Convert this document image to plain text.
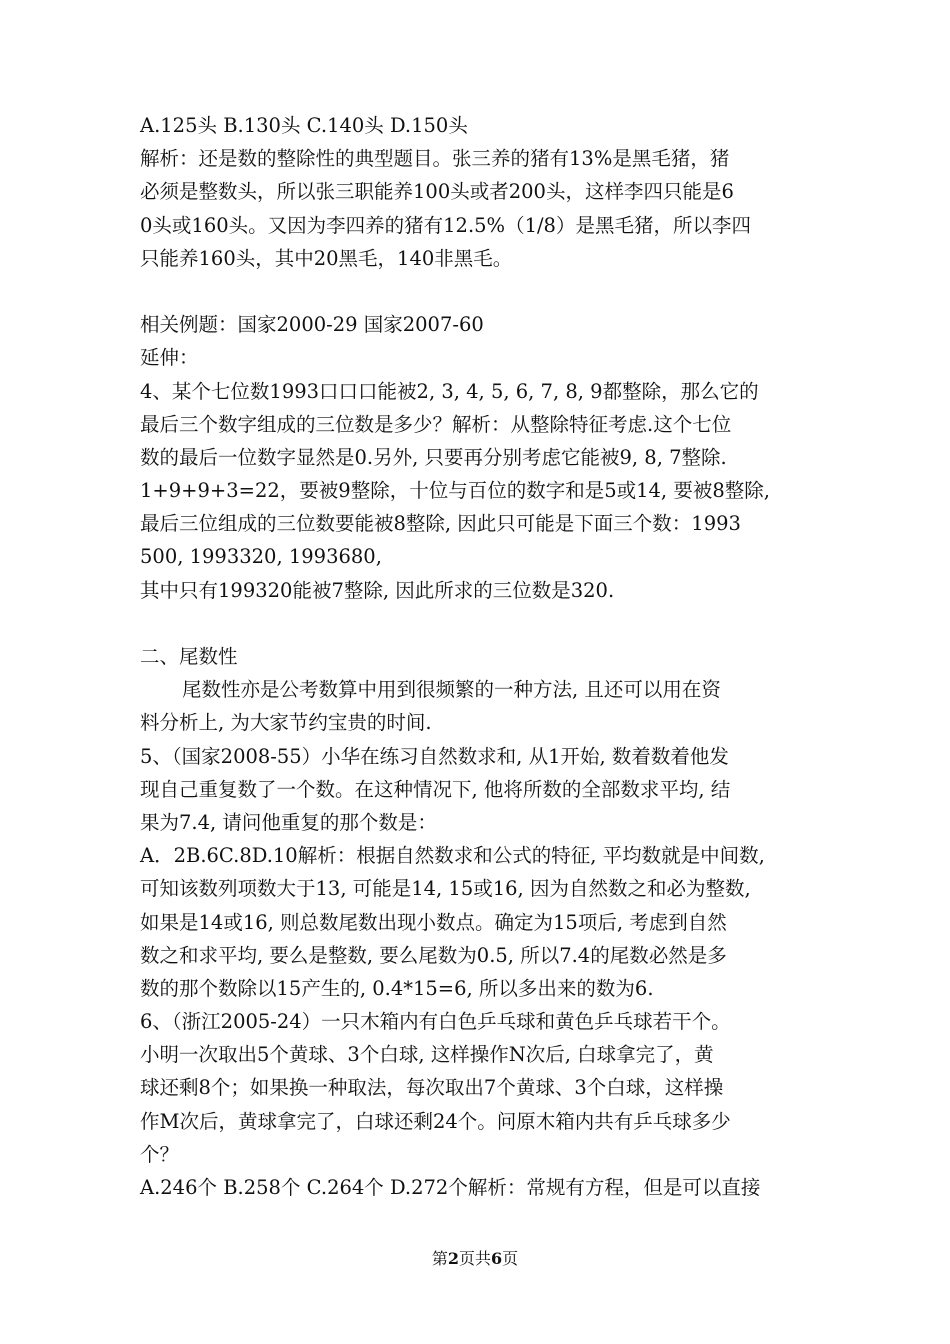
A.125头 B.130头 C.140头 D.150头
解析：还是数的整除性的典型题目。张三养的猪有13%是黑毛猪，猪
必须是整数头，所以张三职能养100头或者200头，这样李四只能是6
0头或160头。又因为李四养的猪有12.5%（1/8）是黑毛猪，所以李四
只能养160头，其中20黑毛，140非黑毛。
相关例题：国家2000-29 国家2007-60
延伸：
4、某个七位数1993口口口能被2, 3, 4, 5, 6, 7, 8, 9都整除，那么它的
最后三个数字组成的三位数是多少？解析：从整除特征考虑.这个七位
数的最后一位数字显然是0.另外, 只要再分别考虑它能被9, 8, 7整除.
1+9+9+3=22，要被9整除，十位与百位的数字和是5或14, 要被8整除,
最后三位组成的三位数要能被8整除, 因此只可能是下面三个数：1993
500, 1993320, 1993680,
其中只有199320能被7整除, 因此所求的三位数是320.
二、尾数性
尾数性亦是公考数算中用到很频繁的一种方法, 且还可以用在资
料分析上, 为大家节约宝贵的时间.
5、（国家2008-55）小华在练习自然数求和, 从1开始, 数着数着他发
现自己重复数了一个数。在这种情况下, 他将所数的全部数求平均, 结
果为7.4, 请问他重复的那个数是：
A．2B.6C.8D.10解析：根据自然数求和公式的特征, 平均数就是中间数,
可知该数列项数大于13, 可能是14, 15或16, 因为自然数之和必为整数,
如果是14或16, 则总数尾数出现小数点。确定为15项后, 考虑到自然
数之和求平均, 要么是整数, 要么尾数为0.5, 所以7.4的尾数必然是多
数的那个数除以15产生的, 0.4*15=6, 所以多出来的数为6.
6、（浙江2005-24）一只木箱内有白色乒乓球和黄色乒乓球若干个。
小明一次取出5个黄球、3个白球, 这样操作N次后, 白球拿完了，黄
球还剩8个；如果换一种取法，每次取出7个黄球、3个白球，这样操
作M次后，黄球拿完了，白球还剩24个。问原木箱内共有乒乓球多少
个？
A.246个 B.258个 C.264个 D.272个解析：常规有方程，但是可以直接
第2页共6页
